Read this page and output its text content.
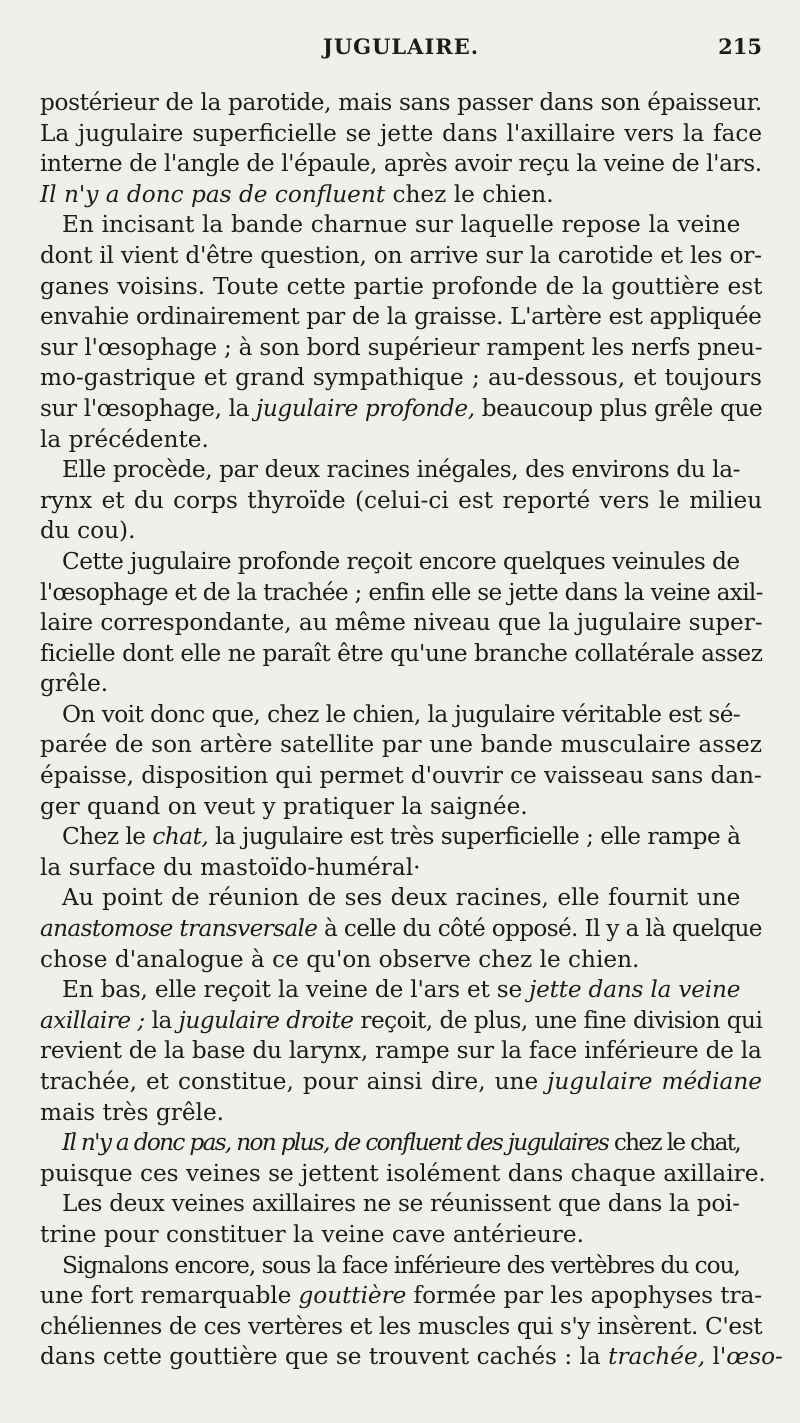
JUGULAIRE.	215

postérieur de la parotide, mais sans passer dans son épaisseur.
La jugulaire superficielle se jette dans l'axillaire vers la face
interne de l'angle de l'épaule, après avoir reçu la veine de l'ars.
Il n'y a donc pas de confluent chez le chien.

En incisant la bande charnue sur laquelle repose la veine
dont il vient d'être question, on arrive sur la carotide et les or-
ganes voisins. Toute cette partie profonde de la gouttière est
envahie ordinairement par de la graisse. L'artère est appliquée
sur l'œsophage ; à son bord supérieur rampent les nerfs pneu-
mo-gastrique et grand sympathique ; au-dessous, et toujours
sur l'œsophage, la jugulaire profonde, beaucoup plus grêle que
la précédente.

Elle procède, par deux racines inégales, des environs du la-
rynx et du corps thyroïde (celui-ci est reporté vers le milieu
du cou).

Cette jugulaire profonde reçoit encore quelques veinules de
l'œsophage et de la trachée ; enfin elle se jette dans la veine axil-
laire correspondante, au même niveau que la jugulaire super-
ficielle dont elle ne paraît être qu'une branche collatérale assez
grêle.

On voit donc que, chez le chien, la jugulaire véritable est sé-
parée de son artère satellite par une bande musculaire assez
épaisse, disposition qui permet d'ouvrir ce vaisseau sans dan-
ger quand on veut y pratiquer la saignée.

Chez le chat, la jugulaire est très superficielle ; elle rampe à
la surface du mastoïdo-huméral·

Au point de réunion de ses deux racines, elle fournit une
anastomose transversale à celle du côté opposé. Il y a là quelque
chose d'analogue à ce qu'on observe chez le chien.

En bas, elle reçoit la veine de l'ars et se jette dans la veine
axillaire ; la jugulaire droite reçoit, de plus, une fine division qui
revient de la base du larynx, rampe sur la face inférieure de la
trachée, et constitue, pour ainsi dire, une jugulaire médiane
mais très grêle.

Il n'y a donc pas, non plus, de confluent des jugulaires chez le chat,
puisque ces veines se jettent isolément dans chaque axillaire.

Les deux veines axillaires ne se réunissent que dans la poi-
trine pour constituer la veine cave antérieure.

Signalons encore, sous la face inférieure des vertèbres du cou,
une fort remarquable gouttière formée par les apophyses tra-
chéliennes de ces vertères et les muscles qui s'y insèrent. C'est
dans cette gouttière que se trouvent cachés : la trachée, l'œso-
